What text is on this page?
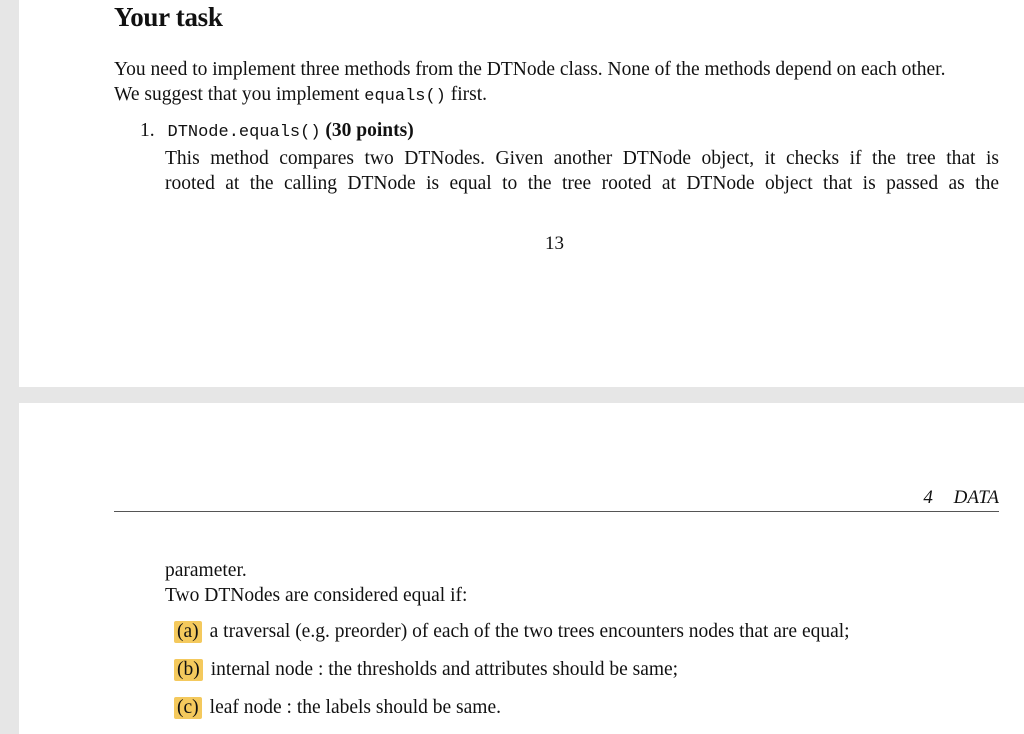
Your task
You need to implement three methods from the DTNode class. None of the methods depend on each other.
We suggest that you implement equals() first.
1. DTNode.equals() (30 points)
This method compares two DTNodes. Given another DTNode object, it checks if the tree that is
rooted at the calling DTNode is equal to the tree rooted at DTNode object that is passed as the
13
4 DATA
parameter.
Two DTNodes are considered equal if:
(a) a traversal (e.g. preorder) of each of the two trees encounters nodes that are equal;
(b) internal node : the thresholds and attributes should be same;
(c) leaf node : the labels should be same.
